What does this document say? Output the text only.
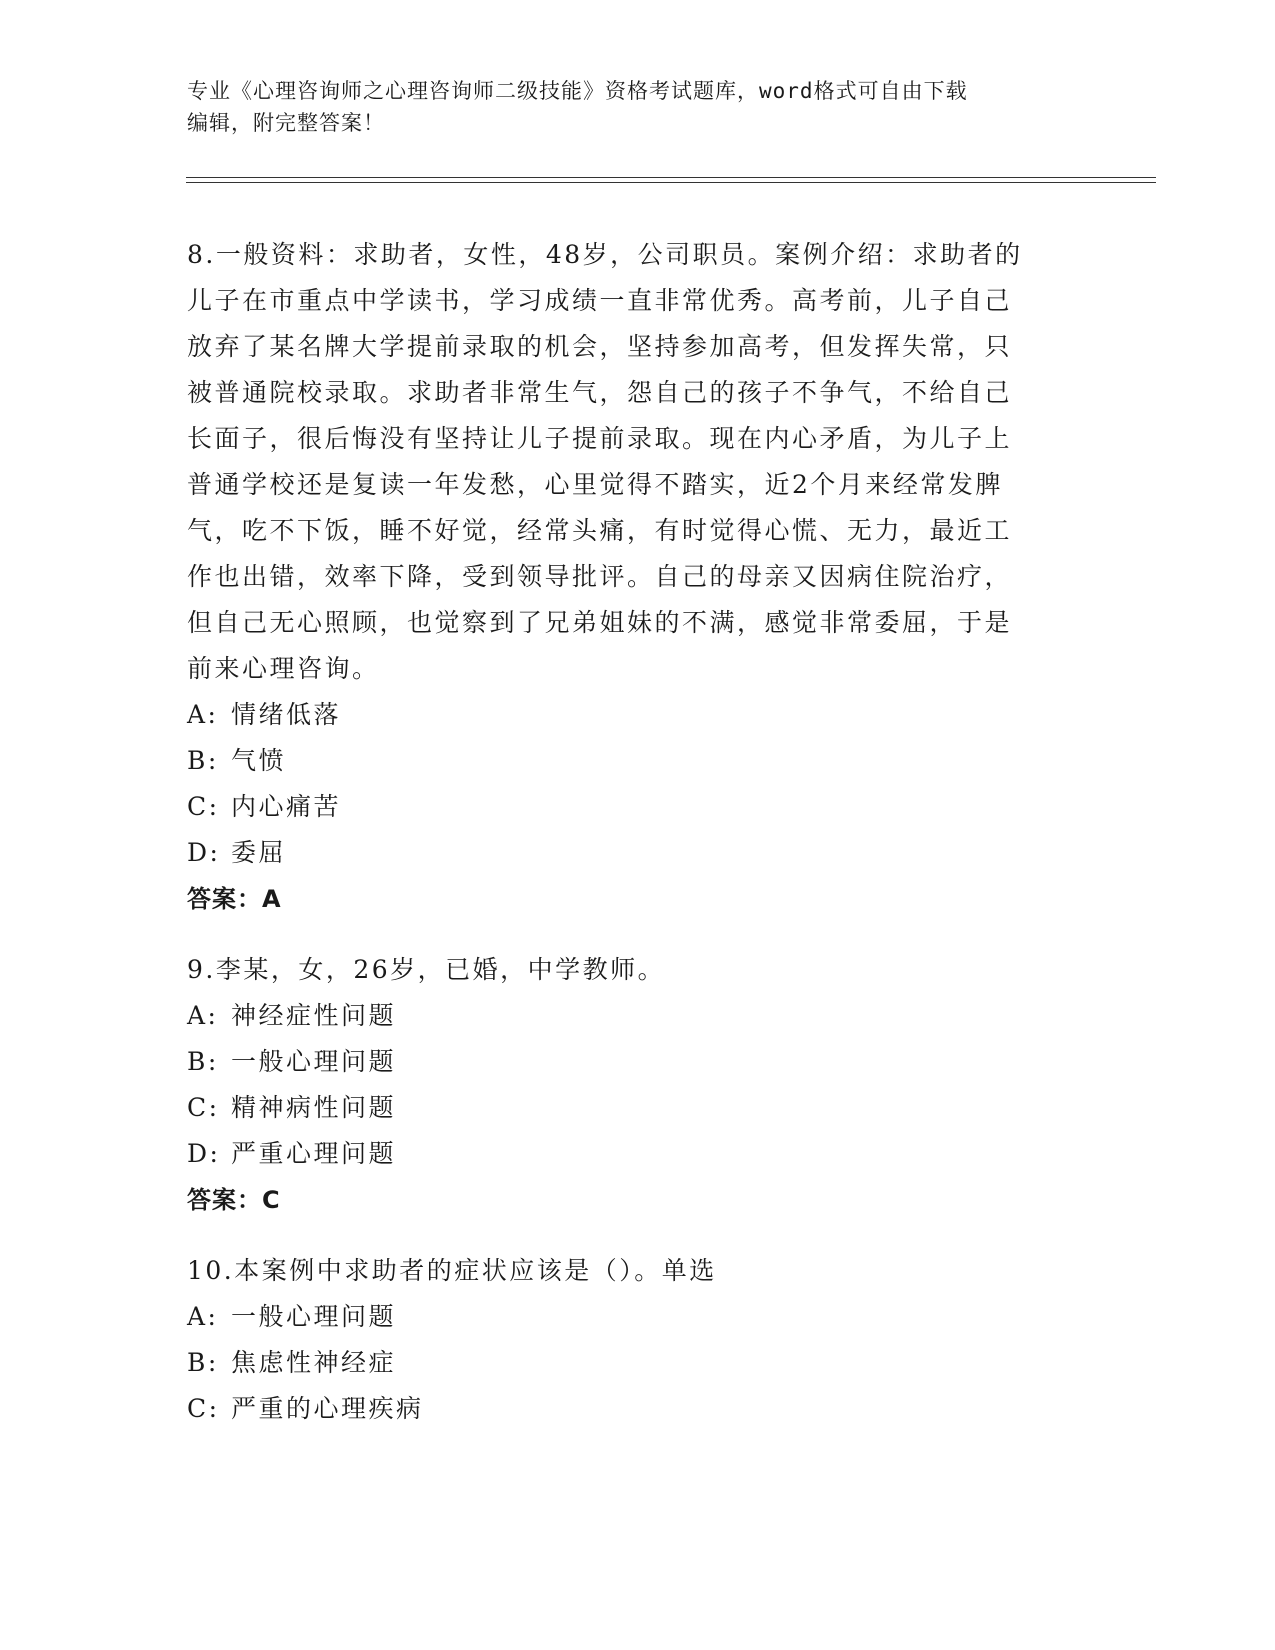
专业《心理咨询师之心理咨询师二级技能》资格考试题库，word格式可自由下载
编辑，附完整答案！
8.一般资料：求助者，女性，48岁，公司职员。案例介绍：求助者的
儿子在市重点中学读书，学习成绩一直非常优秀。高考前，儿子自己
放弃了某名牌大学提前录取的机会，坚持参加高考，但发挥失常，只
被普通院校录取。求助者非常生气，怨自己的孩子不争气，不给自己
长面子，很后悔没有坚持让儿子提前录取。现在内心矛盾，为儿子上
普通学校还是复读一年发愁，心里觉得不踏实，近2个月来经常发脾
气，吃不下饭，睡不好觉，经常头痛，有时觉得心慌、无力，最近工
作也出错，效率下降，受到领导批评。自己的母亲又因病住院治疗，
但自己无心照顾，也觉察到了兄弟姐妹的不满，感觉非常委屈，于是
前来心理咨询。
A: 情绪低落
B: 气愤
C: 内心痛苦
D: 委屈
答案：A
9.李某，女，26岁，已婚，中学教师。
A: 神经症性问题
B: 一般心理问题
C: 精神病性问题
D: 严重心理问题
答案：C
10.本案例中求助者的症状应该是（）。单选
A: 一般心理问题
B: 焦虑性神经症
C: 严重的心理疾病
